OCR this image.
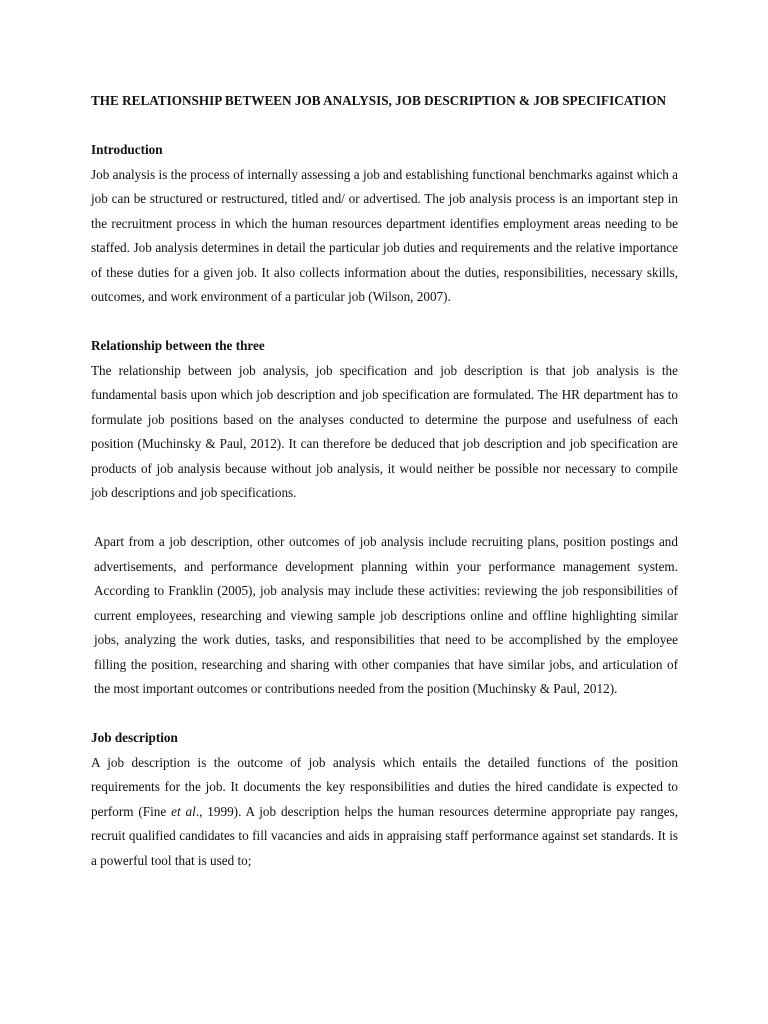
THE RELATIONSHIP BETWEEN JOB ANALYSIS, JOB DESCRIPTION & JOB SPECIFICATION

Introduction

Job analysis is the process of internally assessing a job and establishing functional benchmarks against which a job can be structured or restructured, titled and/ or advertised. The job analysis process is an important step in the recruitment process in which the human resources department identifies employment areas needing to be staffed. Job analysis determines in detail the particular job duties and requirements and the relative importance of these duties for a given job. It also collects information about the duties, responsibilities, necessary skills, outcomes, and work environment of a particular job (Wilson, 2007).

Relationship between the three

The relationship between job analysis, job specification and job description is that job analysis is the fundamental basis upon which job description and job specification are formulated. The HR department has to formulate job positions based on the analyses conducted to determine the purpose and usefulness of each position (Muchinsky & Paul, 2012). It can therefore be deduced that job description and job specification are products of job analysis because without job analysis, it would neither be possible nor necessary to compile job descriptions and job specifications.

Apart from a job description, other outcomes of job analysis include recruiting plans, position postings and advertisements, and performance development planning within your performance management system. According to Franklin (2005), job analysis may include these activities: reviewing the job responsibilities of current employees, researching and viewing sample job descriptions online and offline highlighting similar jobs, analyzing the work duties, tasks, and responsibilities that need to be accomplished by the employee filling the position, researching and sharing with other companies that have similar jobs, and articulation of the most important outcomes or contributions needed from the position (Muchinsky & Paul, 2012).

Job description

A job description is the outcome of job analysis which entails the detailed functions of the position requirements for the job. It documents the key responsibilities and duties the hired candidate is expected to perform (Fine et al., 1999). A job description helps the human resources determine appropriate pay ranges, recruit qualified candidates to fill vacancies and aids in appraising staff performance against set standards. It is a powerful tool that is used to;
